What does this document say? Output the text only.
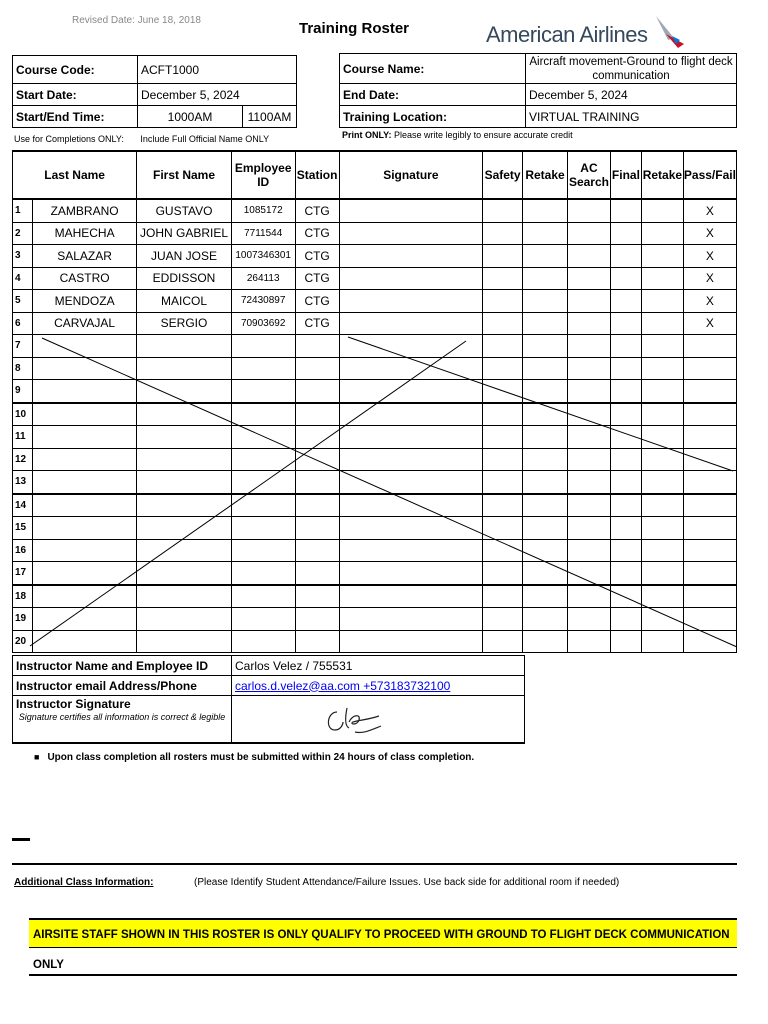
Revised Date: June 18, 2018	Training Roster	American Airlines
Course Code:	ACFT1000	
Start Date:	December 5, 2024	
Start/End Time:	1000AM	1100AM
Course Name:	Aircraft movement-Ground to flight deck communication
End Date:	December 5, 2024
Training Location:	VIRTUAL TRAINING
Use for Completions ONLY: Include Full Official Name ONLY	Print ONLY: Please write legibly to ensure accurate credit
Last Name		First Name	Employee ID	Station	Signature	Safety	Retake	AC Search	Final	Retake	Pass/Fail
1	ZAMBRANO	GUSTAVO	1085172	CTG							X
2	MAHECHA	JOHN GABRIEL	7711544	CTG							X
3	SALAZAR	JUAN JOSE	1007346301	CTG							X
4	CASTRO	EDDISSON	264113	CTG							X
5	MENDOZA	MAICOL	72430897	CTG							X
6	CARVAJAL	SERGIO	70903692	CTG							X
7											
8											
9											
10											
11											
12											
13											
14											
15											
16											
17											
18											
19											
20											
Instructor Name and Employee ID	Carlos Velez / 755531
Instructor email Address/Phone	carlos.d.velez@aa.com +573183732100

Instructor Signature
Signature certifies all information is correct & legible

■ Upon class completion all rosters must be submitted within 24 hours of class completion.
Additional Class Information:	(Please Identify Student Attendance/Failure Issues. Use back side for additional room if needed)
AIRSITE STAFF SHOWN IN THIS ROSTER IS ONLY QUALIFY TO PROCEED WITH GROUND TO FLIGHT DECK COMMUNICATION ONLY
